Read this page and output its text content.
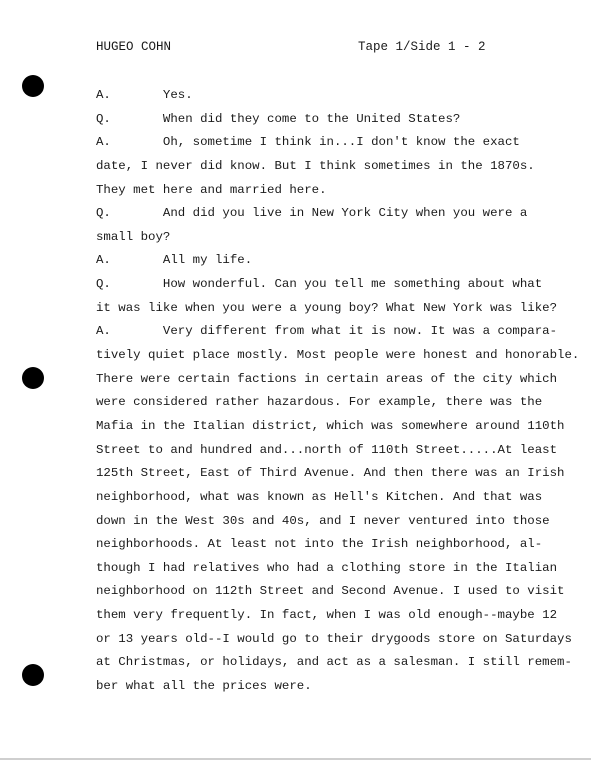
HUGEO COHN	Tape 1/Side 1 - 2
A.       Yes.
Q.       When did they come to the United States?
A.       Oh, sometime I think in...I don't know the exact
date, I never did know. But I think sometimes in the 1870s.
They met here and married here.
Q.       And did you live in New York City when you were a
small boy?
A.       All my life.
Q.       How wonderful. Can you tell me something about what
it was like when you were a young boy? What New York was like?
A.       Very different from what it is now. It was a compara-
tively quiet place mostly. Most people were honest and honorable.
There were certain factions in certain areas of the city which
were considered rather hazardous. For example, there was the
Mafia in the Italian district, which was somewhere around 110th
Street to and hundred and...north of 110th Street.....At least
125th Street, East of Third Avenue. And then there was an Irish
neighborhood, what was known as Hell's Kitchen. And that was
down in the West 30s and 40s, and I never ventured into those
neighborhoods. At least not into the Irish neighborhood, al-
though I had relatives who had a clothing store in the Italian
neighborhood on 112th Street and Second Avenue. I used to visit
them very frequently. In fact, when I was old enough--maybe 12
or 13 years old--I would go to their drygoods store on Saturdays
at Christmas, or holidays, and act as a salesman. I still remem-
ber what all the prices were.
